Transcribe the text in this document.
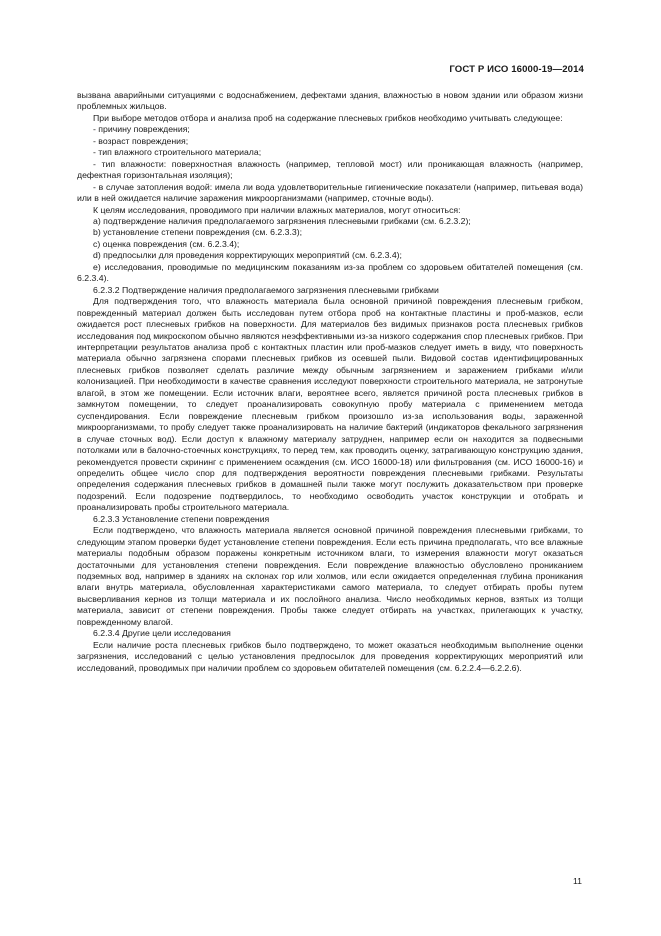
ГОСТ Р ИСО 16000-19—2014

вызвана аварийными ситуациями с водоснабжением, дефектами здания, влажностью в новом здании или образом жизни проблемных жильцов.

При выборе методов отбора и анализа проб на содержание плесневых грибков необходимо учитывать следующее:

- причину повреждения;

- возраст повреждения;

- тип влажного строительного материала;

- тип влажности: поверхностная влажность (например, тепловой мост) или проникающая влажность (например, дефектная горизонтальная изоляция);

- в случае затопления водой: имела ли вода удовлетворительные гигиенические показатели (например, питьевая вода) или в ней ожидается наличие заражения микроорганизмами (например, сточные воды).

К целям исследования, проводимого при наличии влажных материалов, могут относиться:

a) подтверждение наличия предполагаемого загрязнения плесневыми грибками (см. 6.2.3.2);

b) установление степени повреждения (см. 6.2.3.3);

c) оценка повреждения (см. 6.2.3.4);

d) предпосылки для проведения корректирующих мероприятий (см. 6.2.3.4);

e) исследования, проводимые по медицинским показаниям из-за проблем со здоровьем обитателей помещения (см. 6.2.3.4).

6.2.3.2 Подтверждение наличия предполагаемого загрязнения плесневыми грибками

Для подтверждения того, что влажность материала была основной причиной повреждения плесневым грибком, поврежденный материал должен быть исследован путем отбора проб на контактные пластины и проб-мазков, если ожидается рост плесневых грибков на поверхности. Для материалов без видимых признаков роста плесневых грибков исследования под микроскопом обычно являются неэффективными из-за низкого содержания спор плесневых грибков. При интерпретации результатов анализа проб с контактных пластин или проб-мазков следует иметь в виду, что поверхность материала обычно загрязнена спорами плесневых грибков из осевшей пыли. Видовой состав идентифицированных плесневых грибков позволяет сделать различие между обычным загрязнением и заражением грибками и/или колонизацией. При необходимости в качестве сравнения исследуют поверхности строительного материала, не затронутые влагой, в этом же помещении. Если источник влаги, вероятнее всего, является причиной роста плесневых грибков в замкнутом помещении, то следует проанализировать совокупную пробу материала с применением метода суспендирования. Если повреждение плесневым грибком произошло из-за использования воды, зараженной микроорганизмами, то пробу следует также проанализировать на наличие бактерий (индикаторов фекального загрязнения в случае сточных вод). Если доступ к влажному материалу затруднен, например если он находится за подвесными потолками или в балочно-стоечных конструкциях, то перед тем, как проводить оценку, затрагивающую конструкцию здания, рекомендуется провести скрининг с применением осаждения (см. ИСО 16000-18) или фильтрования (см. ИСО 16000-16) и определить общее число спор для подтверждения вероятности повреждения плесневыми грибками. Результаты определения содержания плесневых грибков в домашней пыли также могут послужить доказательством при проверке подозрений. Если подозрение подтвердилось, то необходимо освободить участок конструкции и отобрать и проанализировать пробы строительного материала.

6.2.3.3 Установление степени повреждения

Если подтверждено, что влажность материала является основной причиной повреждения плесневыми грибками, то следующим этапом проверки будет установление степени повреждения. Если есть причина предполагать, что все влажные материалы подобным образом поражены конкретным источником влаги, то измерения влажности могут оказаться достаточными для установления степени повреждения. Если повреждение влажностью обусловлено прониканием подземных вод, например в зданиях на склонах гор или холмов, или если ожидается определенная глубина проникания влаги внутрь материала, обусловленная характеристиками самого материала, то следует отбирать пробы путем высверливания кернов из толщи материала и их послойного анализа. Число необходимых кернов, взятых из толщи материала, зависит от степени повреждения. Пробы также следует отбирать на участках, прилегающих к участку, поврежденному влагой.

6.2.3.4 Другие цели исследования

Если наличие роста плесневых грибков было подтверждено, то может оказаться необходимым выполнение оценки загрязнения, исследований с целью установления предпосылок для проведения корректирующих мероприятий или исследований, проводимых при наличии проблем со здоровьем обитателей помещения (см. 6.2.2.4—6.2.2.6).

11
